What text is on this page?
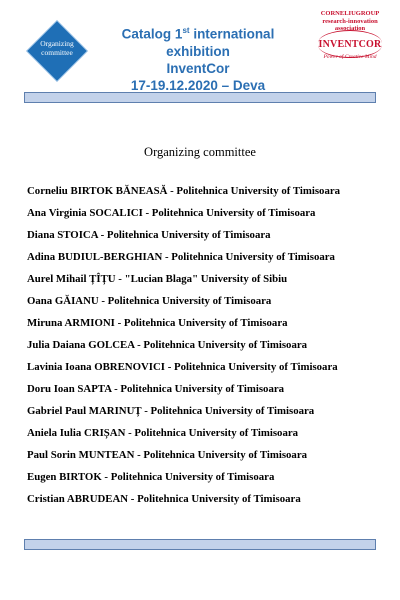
Organizing committee
Catalog 1st international exhibition
InventCor
17-19.12.2020 – Deva
CORNELIUGROUP research-innovation association
INVENTCOR
Power of Creative Mind
Organizing committee
Corneliu BIRTOK BĂNEASĂ - Politehnica University of Timisoara
Ana Virginia SOCALICI - Politehnica University of Timisoara
Diana STOICA - Politehnica University of Timisoara
Adina BUDIUL-BERGHIAN - Politehnica University of Timisoara
Aurel Mihail ȚÎȚU - "Lucian Blaga" University of Sibiu
Oana GĂIANU - Politehnica University of Timisoara
Miruna ARMIONI - Politehnica University of Timisoara
Julia Daiana GOLCEA - Politehnica University of Timisoara
Lavinia Ioana OBRENOVICI - Politehnica University of Timisoara
Doru Ioan SAPTA - Politehnica University of Timisoara
Gabriel Paul MARINUȚ - Politehnica University of Timisoara
Aniela Iulia CRIȘAN - Politehnica University of Timisoara
Paul Sorin MUNTEAN - Politehnica University of Timisoara
Eugen BIRTOK - Politehnica University of Timisoara
Cristian ABRUDEAN - Politehnica University of Timisoara
